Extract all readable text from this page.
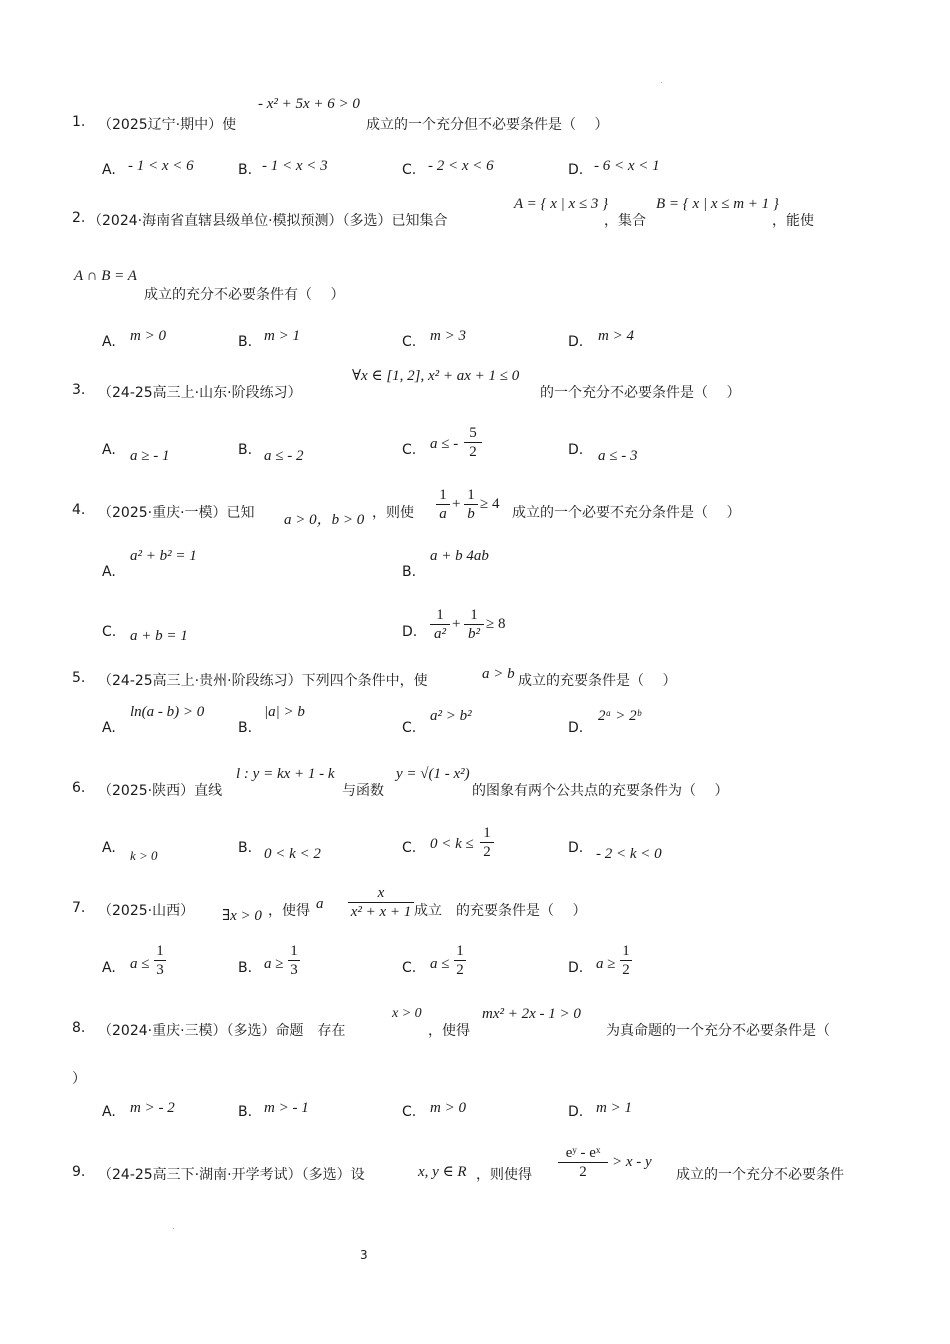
.
.
1. （2025辽宁·期中）使
- x² + 5x + 6 > 0
成立的一个充分但不必要条件是（　 ）
A. - 1 < x < 6	B. - 1 < x < 3	C. - 2 < x < 6	D. - 6 < x < 1
2. （2024·海南省直辖县级单位·模拟预测）（多选）已知集合
A = { x | x ≤ 3 }
，集合
B = { x | x ≤ m + 1 }
，能使
A ∩ B = A
成立的充分不必要条件有（　 ）
A. m > 0	B. m > 1	C. m > 3	D. m > 4
3. （24-25高三上·山东·阶段练习）
∀x ∈ [1, 2], x² + ax + 1 ≤ 0
的一个充分不必要条件是（　 ）
A. a ≥ - 1	B. a ≤ - 2	C. a ≤ - $\frac{5}{2}$	D. a ≤ - 3
4. （2025·重庆·一模）已知 a > 0，b > 0 ，则使 $\frac{1}{a} + \frac{1}{b} \ge 4$
成立的一个必要不充分条件是（　 ）
A.
a² + b² = 1
B.
a + b 4ab
C. a + b = 1	D. $\frac{1}{\text{a²}} + \frac{1}{\text{b²}} \ge 8$
5. （24-25高三上·贵州·阶段练习）下列四个条件中，使	a > b 成立的充要条件是（　 ）
A.
ln(a - b) > 0
B.
|a| > b
C.
a² > b²
D.
2ᵃ > 2ᵇ
6. （2025·陕西）直线
l : y = kx + 1 - k
与函数
y = √(1 - x²)
的图象有两个公共点的充要条件为（　 ）
A. k > 0	B. 0 < k < 2	C. $0 < k \le \frac{1}{2}$	D. - 2 < k < 0
7. （2025·山西） ∃x > 0 ，使得 a $\frac{x}{\text{x² + x + 1}}$ 成立　的充要条件是（　 ）
A. $a \le \frac{1}{3}$	B. $a \ge \frac{1}{3}$	C. $a \le \frac{1}{2}$	D. $a \ge \frac{1}{2}$
8. （2024·重庆·三模）（多选）命题　存在
x > 0
，使得
mx² + 2x - 1 > 0
为真命题的一个充分不必要条件是（
）
A. m > - 2	B. m > - 1	C. m > 0	D. m > 1
9. （24-25高三下·湖南·开学考试）（多选）设	x, y ∈ R ，则使得 $\frac{\text{eʸ - eˣ}}{2} > x - y$
成立的一个充分不必要条件
3
